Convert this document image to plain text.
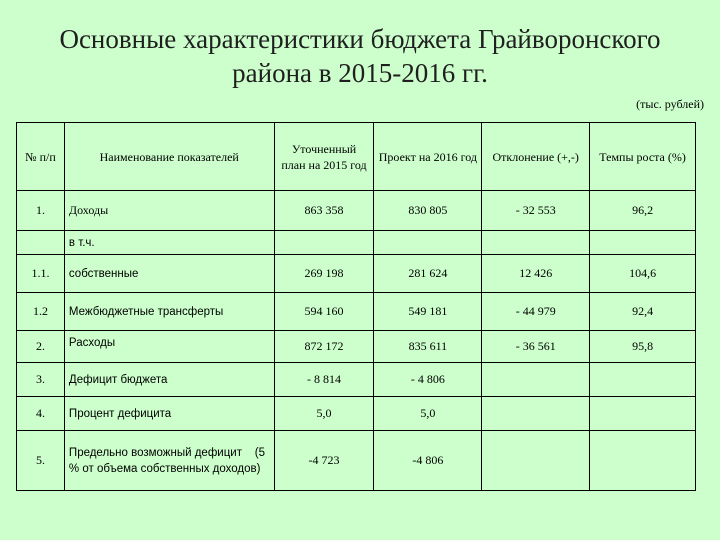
Основные характеристики бюджета Грайворонского
района в 2015-2016 гг.
(тыс. рублей)
№ п/п	Наименование показателей	Уточненный план на 2015 год	Проект на 2016 год	Отклонение (+,-)	Темпы роста (%)
1.	Доходы	863 358	830 805	- 32 553	96,2
	в т.ч.				
1.1.	собственные	269 198	281 624	12 426	104,6
1.2	Межбюджетные трансферты	594 160	549 181	- 44 979	92,4
2.	Расходы	872 172	835 611	- 36 561	95,8
3.	Дефицит бюджета	- 8 814	- 4 806		
4.	Процент дефицита	5,0	5,0		
5.	Предельно возможный дефицит    (5 % от объема собственных доходов)	-4 723	-4 806		
